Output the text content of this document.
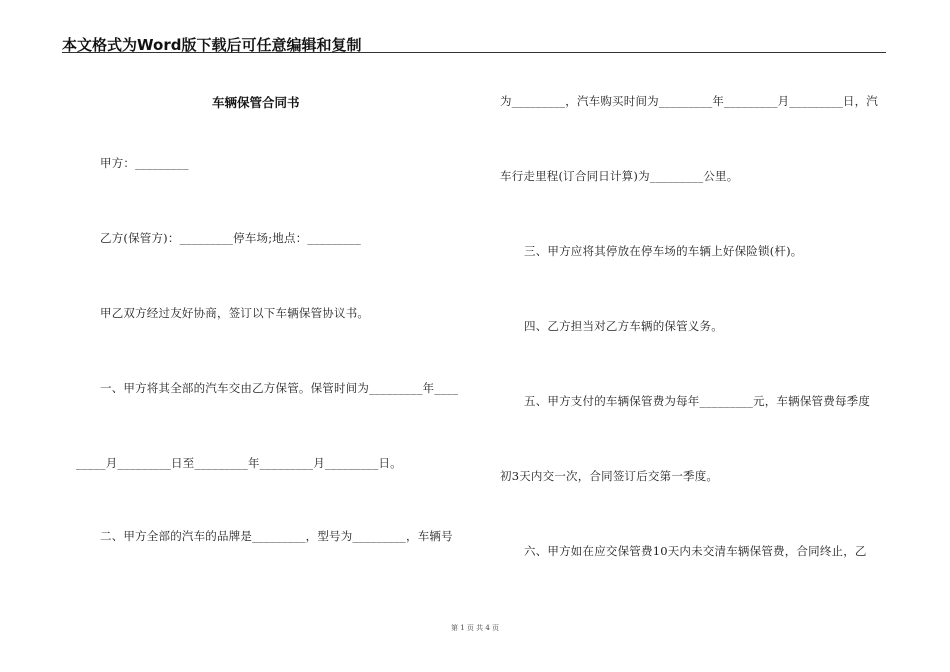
本文格式为Word版下载后可任意编辑和复制
车辆保管合同书
甲方：_________
乙方(保管方)：_________停车场;地点：_________
甲乙双方经过友好协商，签订以下车辆保管协议书。
一、甲方将其全部的汽车交由乙方保管。保管时间为_________年____
_____月_________日至_________年_________月_________日。
二、甲方全部的汽车的品牌是_________，型号为_________，车辆号
为_________，汽车购买时间为_________年_________月_________日，汽
车行走里程(订合同日计算)为_________公里。
三、甲方应将其停放在停车场的车辆上好保险锁(杆)。
四、乙方担当对乙方车辆的保管义务。
五、甲方支付的车辆保管费为每年_________元，车辆保管费每季度
初3天内交一次，合同签订后交第一季度。
六、甲方如在应交保管费10天内未交清车辆保管费，合同终止，乙
第 1 页 共 4 页
